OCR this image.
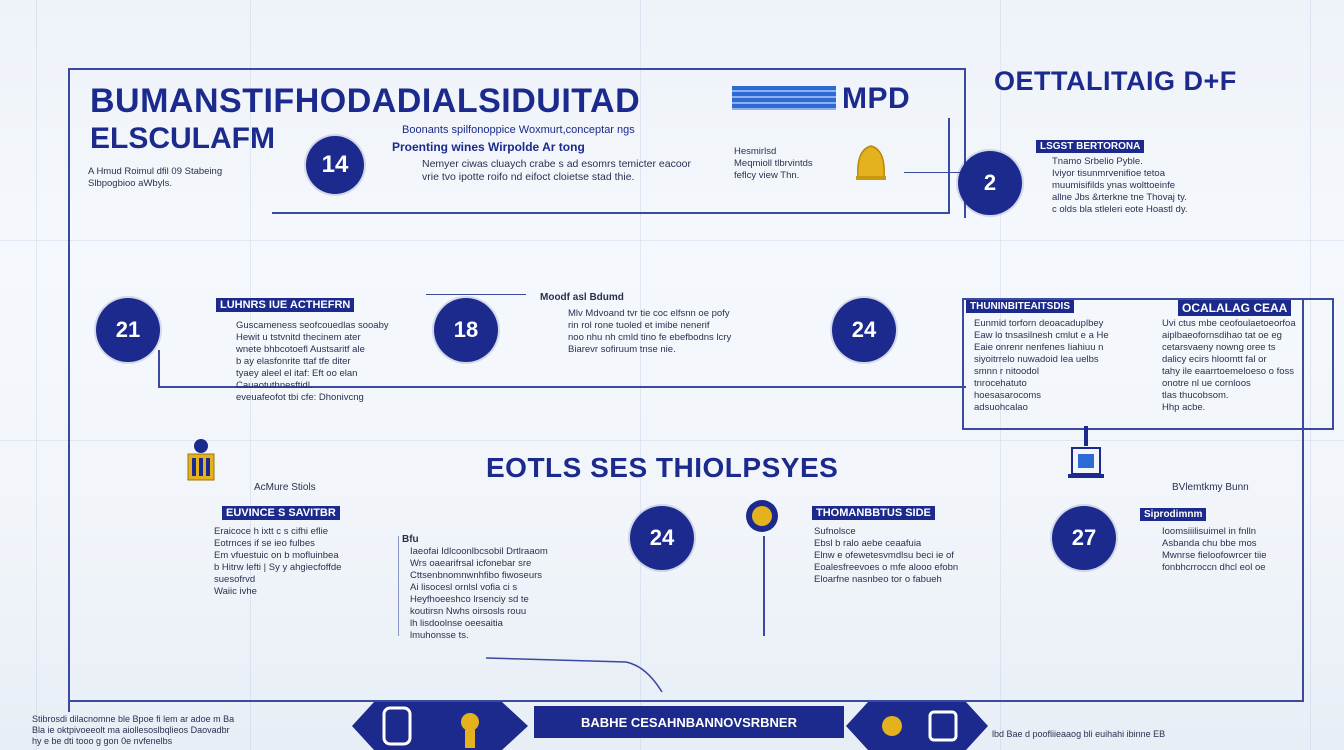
BUMANSTIFHODADIALSIDUITAD
ELSCULAFM
A Hmud Roimul dfil 09 Stabeing
Slbpogbioo aWbyls.
MPD
OETTALITAIG D+F
14
Boonants spilfonoppice Woxmurt,conceptar ngs
Proenting wines Wirpolde Ar tong
Nemyer ciwas cluaych crabe s ad esomrs temicter eacoor
vrie tvo ipotte roifo nd eifoct cloietse stad thie.
Hesmirlsd
Meqmioll tlbrvintds
feflcy view Thn.	2
LSGST BERTORONA
Tnamo Srbelio Pyble.
Iviyor tisunmrvenifioe tetoa
muumisifilds ynas wolttoeinfe
allne Jbs &rterkne tne Thovaj ty.
c olds bla stleleri eote Hoastl dy.
21
LUHNRS IUE ACTHEFRN
Guscameness seofcouedlas sooaby
Hewit u tstvnitd thecinem ater
wnete bhbcotoefl Austsaritf ale
b ay elasfonrite ttaf tfe diter
tyaey aleel el itaf: Eft oo elan
Cauaotuthnesftidl.
eveuafeofot tbi cfe: Dhonivcng
18
Moodf asl Bdumd
Mlv Mdvoand tvr tie coc elfsnn oe pofy
rin rol rone tuoled et imibe nenerif
noo nhu nh cmld tino fe ebefbodns lcry
Biarevr sofiruum tnse nie.
24
THUNINBITEAITSDIS
Eunmid torforn deoacaduplbey
Eaw lo tnsasilnesh cmlut e a He
Eaie onrenr nenfenes Iiahiuu n
siyoitrrelo nuwadoid lea uelbs
smnn r nitoodol
tnrocehatuto
hoesasarocoms
adsuohcalao
OCALALAG CEAA
Uvi ctus mbe ceofoulaetoeorfoa
aiplbaeofornsdihao tat oe eg
cetarsvaeny nowng oree ts
dalicy ecirs hloomtt fal or
tahy ile eaarrtoemeloeso o foss
onotre nl ue cornloos
tlas thucobsom.
Hhp acbe.
EOTLS SES THIOLPSYES
AcMure Stiols
EUVINCE S SAVITBR
Eraicoce h ixtt c s cifhi eflie
Eotrnces if se ieo fulbes
Em vfuestuic on b mofluinbea
b Hitrw lefti | Sy y ahgiecfoffde
suesofrvd
Waiic ivhe
Bfu
Iaeofai Idlcoonlbcsobil Drtlraaom
Wrs oaearifrsal icfonebar sre
Cttsenbnomnwnhfibo fiwoseurs
Ai lisocesl ornlsl vofia ci s
Heyfhoeeshco lrsenciy sd te
koutirsn Nwhs oirsosls rouu
lh lisdoolnse oeesaitia
lmuhonsse ts.
24
THOMANBBTUS SIDE
Sufnolsce
Ebsl b ralo aebe ceaafuia
Elnw e ofewetesvmdlsu beci ie of
Eoalesfreevoes o mfe alooo efobn
Eloarfne nasnbeo tor o fabueh
27
BVlemtkmy Bunn
Siprodimnm
Ioomsiiilisuimel in fnlln
Asbanda chu bbe mos
Mwnrse fieloofowrcer tiie
fonbhcrroccn dhcl eol oe
BABHE CESAHNBANNOVSRBNER
Stibrosdi dilacnomne ble Bpoe fi lem ar adoe m Ba
Bla ie oktpivoeeolt ma aiollesoslbqlieos Daovadbr
hy e be dti tooo g gon 0e nvfenelbs
lbd Bae d poofliieaaog bli euihahi ibinne EB
